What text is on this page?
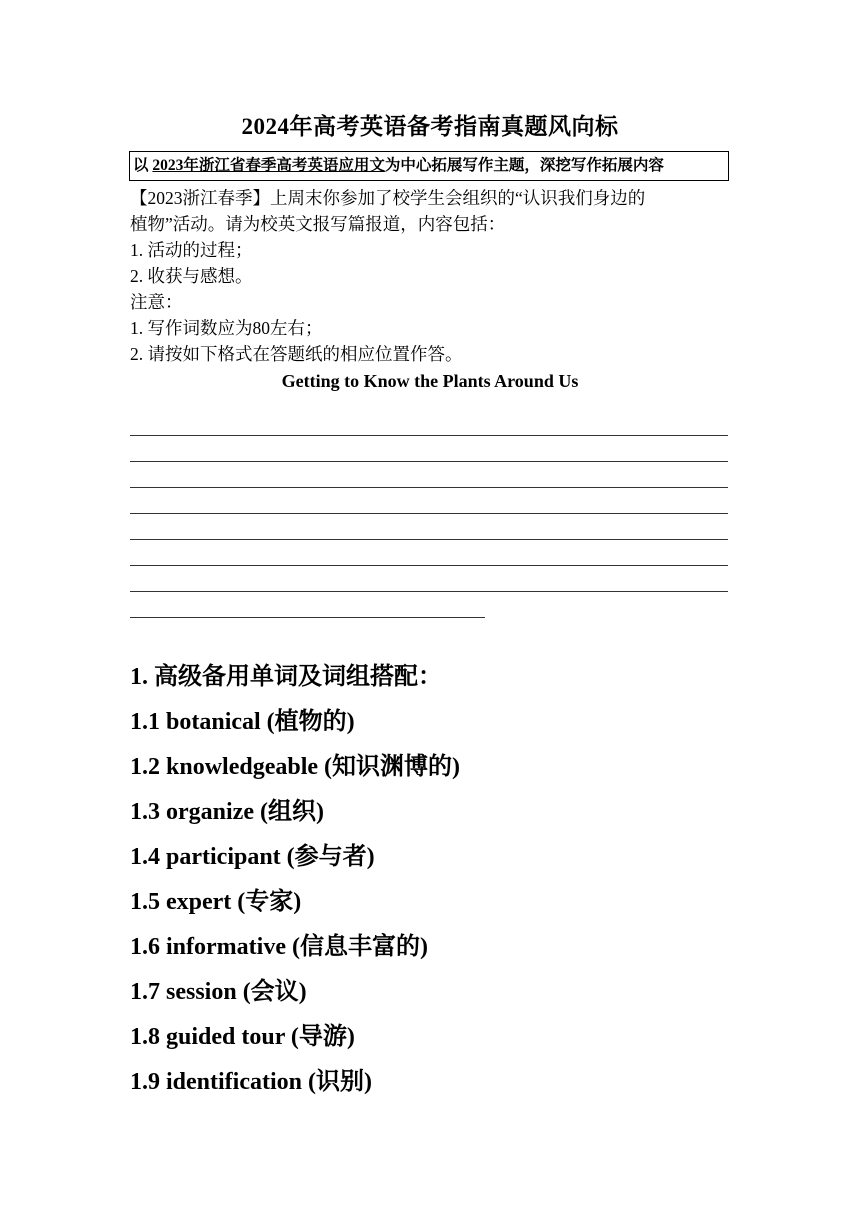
2024年高考英语备考指南真题风向标
以 2023年浙江省春季高考英语应用文为中心拓展写作主题，深挖写作拓展内容

【2023浙江春季】上周末你参加了校学生会组织的“认识我们身边的

植物”活动。请为校英文报写篇报道，内容包括：

1. 活动的过程；

2. 收获与感想。

注意：

1. 写作词数应为80左右；

2. 请按如下格式在答题纸的相应位置作答。

Getting to Know the Plants Around Us

1. 高级备用单词及词组搭配：

1.1 botanical (植物的)

1.2 knowledgeable (知识渊博的)

1.3 organize (组织)

1.4 participant (参与者)

1.5 expert (专家)

1.6 informative (信息丰富的)

1.7 session (会议)

1.8 guided tour (导游)

1.9 identification (识别)
